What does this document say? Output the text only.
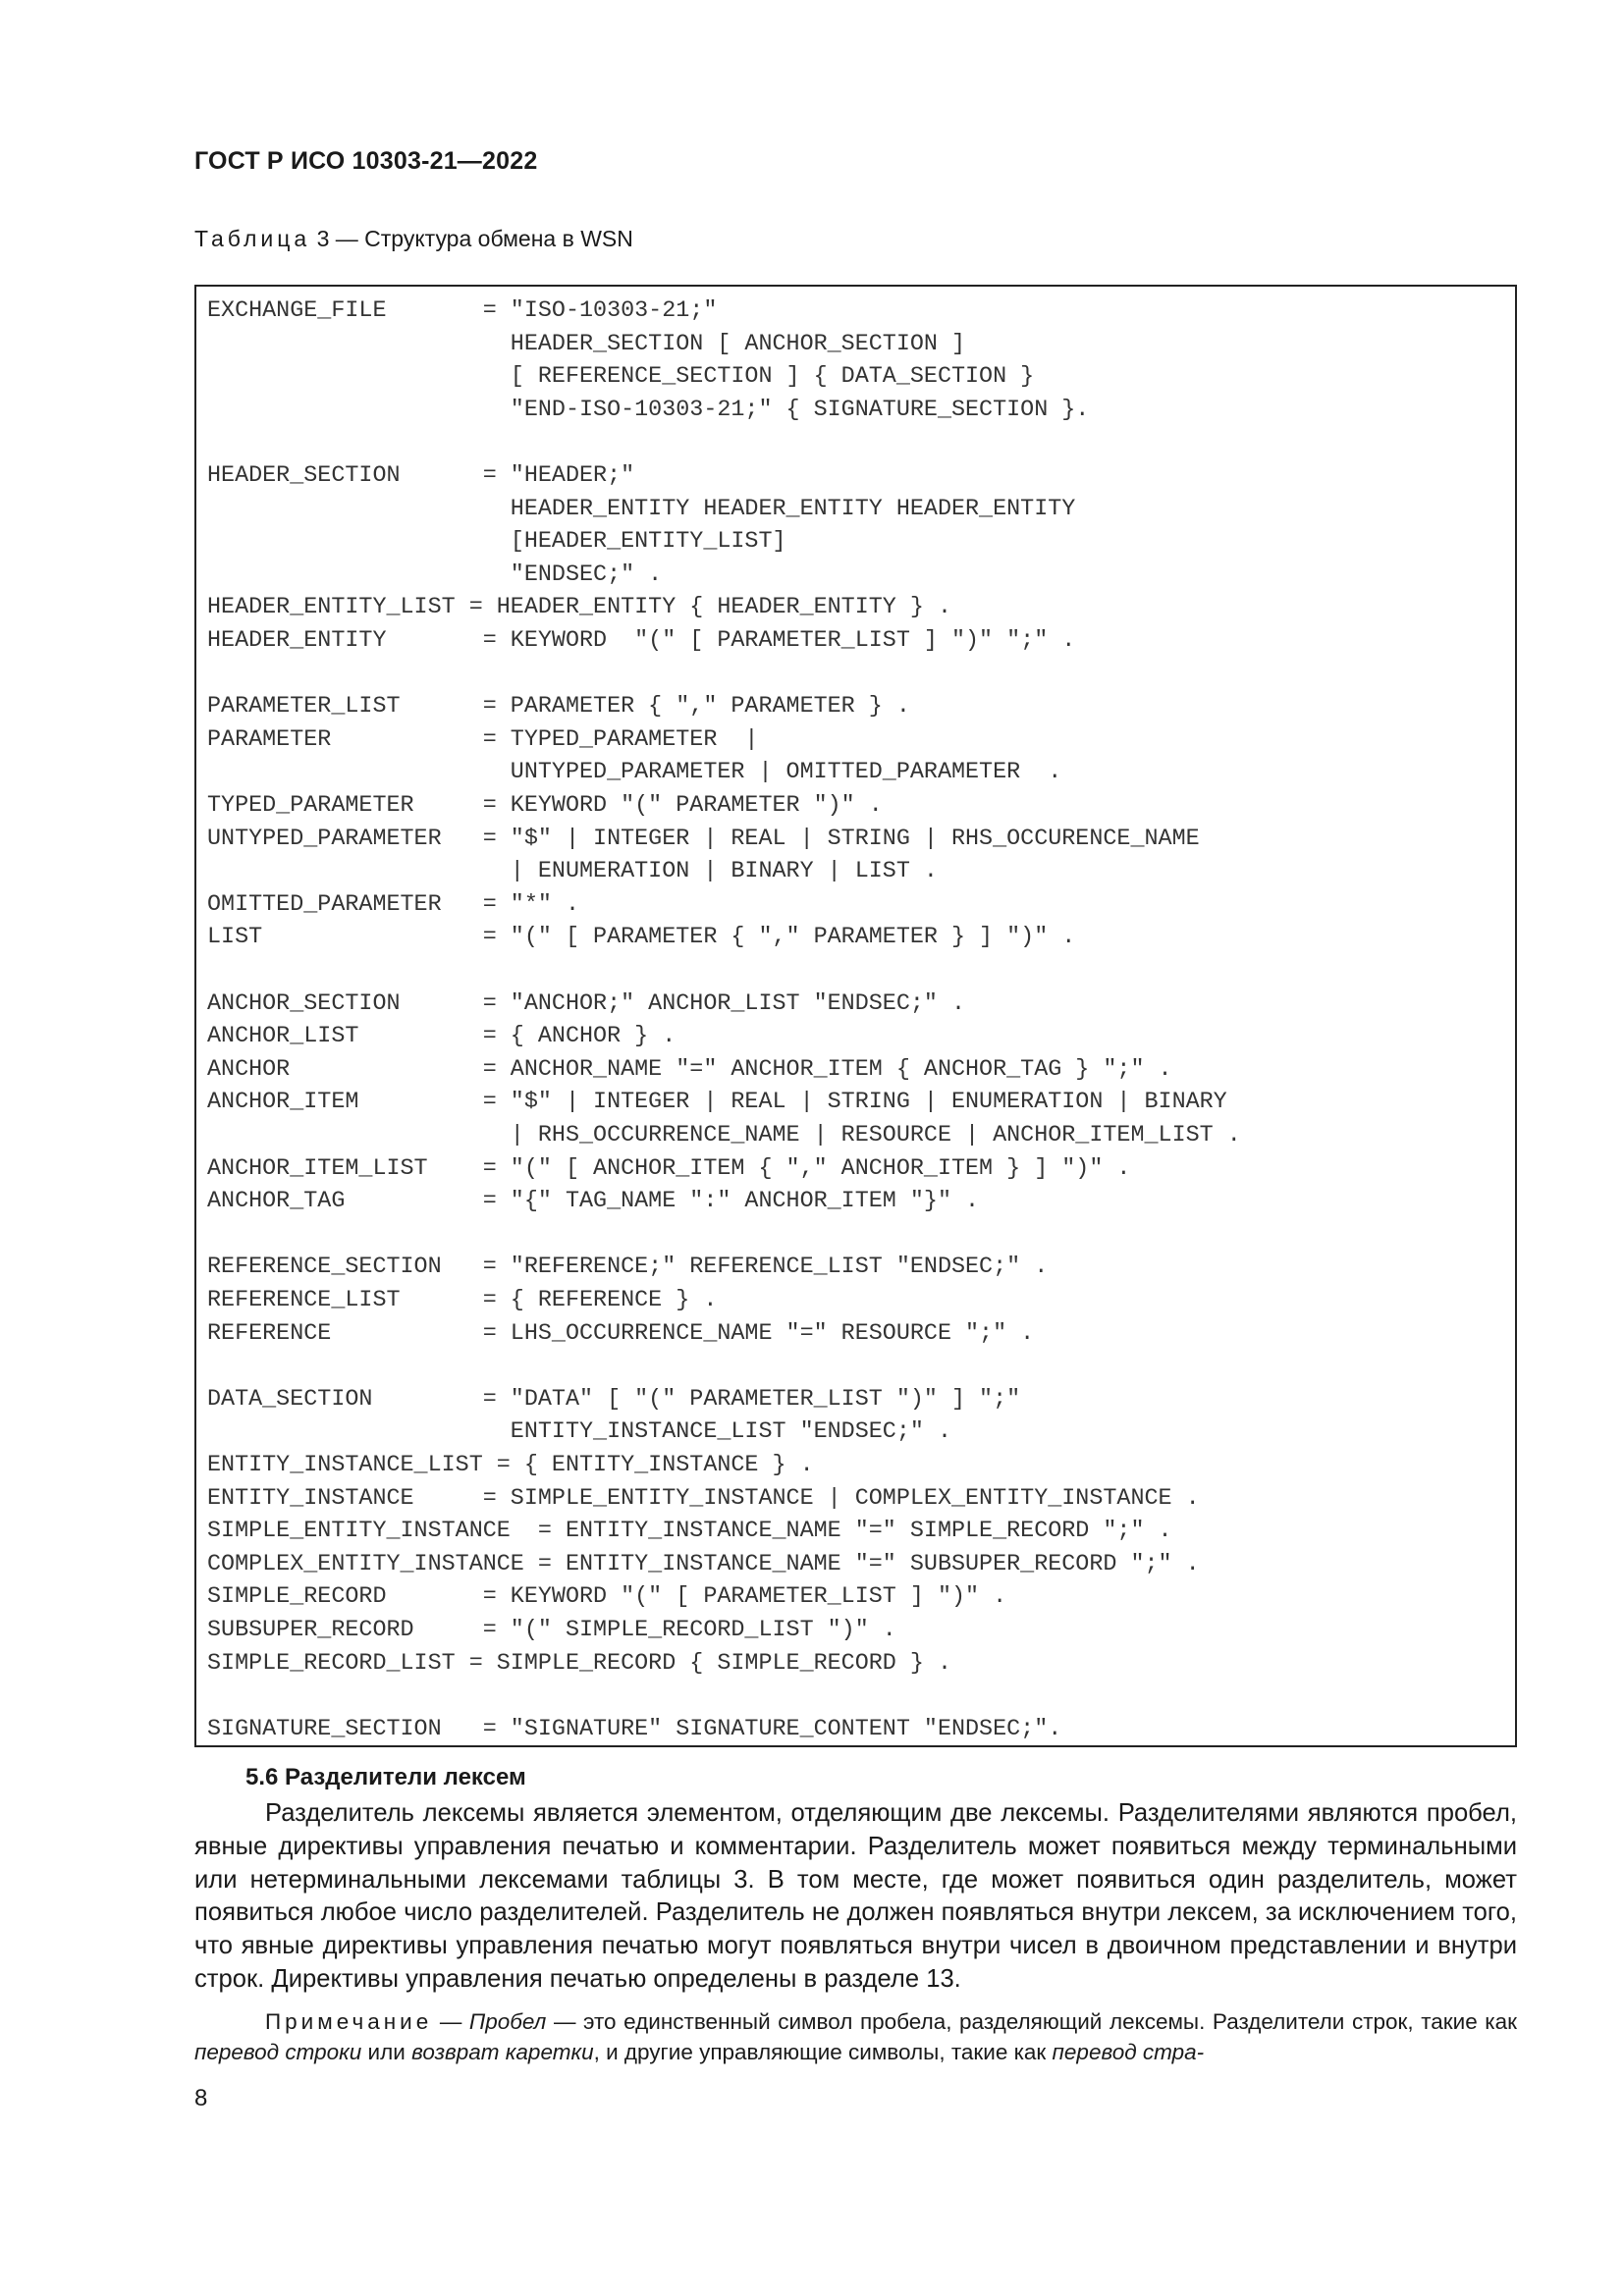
ГОСТ Р ИСО 10303-21—2022
Таблица 3 — Структура обмена в WSN
EXCHANGE_FILE       = "ISO-10303-21;"
HEADER_SECTION [ ANCHOR_SECTION ]
[ REFERENCE_SECTION ] { DATA_SECTION }
"END-ISO-10303-21;" { SIGNATURE_SECTION }.
HEADER_SECTION      = "HEADER;"
HEADER_ENTITY HEADER_ENTITY HEADER_ENTITY
[HEADER_ENTITY_LIST]
"ENDSEC;" .
HEADER_ENTITY_LIST = HEADER_ENTITY { HEADER_ENTITY } .
HEADER_ENTITY       = KEYWORD  "(" [ PARAMETER_LIST ] ")" ";" .
PARAMETER_LIST      = PARAMETER { "," PARAMETER } .
PARAMETER           = TYPED_PARAMETER  |
UNTYPED_PARAMETER | OMITTED_PARAMETER  .
TYPED_PARAMETER     = KEYWORD "(" PARAMETER ")" .
UNTYPED_PARAMETER   = "$" | INTEGER | REAL | STRING | RHS_OCCURENCE_NAME
| ENUMERATION | BINARY | LIST .
OMITTED_PARAMETER   = "*" .
LIST                = "(" [ PARAMETER { "," PARAMETER } ] ")" .
ANCHOR_SECTION      = "ANCHOR;" ANCHOR_LIST "ENDSEC;" .
ANCHOR_LIST         = { ANCHOR } .
ANCHOR              = ANCHOR_NAME "=" ANCHOR_ITEM { ANCHOR_TAG } ";" .
ANCHOR_ITEM         = "$" | INTEGER | REAL | STRING | ENUMERATION | BINARY
| RHS_OCCURRENCE_NAME | RESOURCE | ANCHOR_ITEM_LIST .
ANCHOR_ITEM_LIST    = "(" [ ANCHOR_ITEM { "," ANCHOR_ITEM } ] ")" .
ANCHOR_TAG          = "{" TAG_NAME ":" ANCHOR_ITEM "}" .
REFERENCE_SECTION   = "REFERENCE;" REFERENCE_LIST "ENDSEC;" .
REFERENCE_LIST      = { REFERENCE } .
REFERENCE           = LHS_OCCURRENCE_NAME "=" RESOURCE ";" .
DATA_SECTION        = "DATA" [ "(" PARAMETER_LIST ")" ] ";"
ENTITY_INSTANCE_LIST "ENDSEC;" .
ENTITY_INSTANCE_LIST = { ENTITY_INSTANCE } .
ENTITY_INSTANCE     = SIMPLE_ENTITY_INSTANCE | COMPLEX_ENTITY_INSTANCE .
SIMPLE_ENTITY_INSTANCE  = ENTITY_INSTANCE_NAME "=" SIMPLE_RECORD ";" .
COMPLEX_ENTITY_INSTANCE = ENTITY_INSTANCE_NAME "=" SUBSUPER_RECORD ";" .
SIMPLE_RECORD       = KEYWORD "(" [ PARAMETER_LIST ] ")" .
SUBSUPER_RECORD     = "(" SIMPLE_RECORD_LIST ")" .
SIMPLE_RECORD_LIST = SIMPLE_RECORD { SIMPLE_RECORD } .
SIGNATURE_SECTION   = "SIGNATURE" SIGNATURE_CONTENT "ENDSEC;".
5.6 Разделители лексем

Разделитель лексемы является элементом, отделяющим две лексемы. Разделителями являются пробел, явные директивы управления печатью и комментарии. Разделитель может появиться между терминальными или нетерминальными лексемами таблицы 3. В том месте, где может появиться один разделитель, может появиться любое число разделителей. Разделитель не должен появляться внутри лексем, за исключением того, что явные директивы управления печатью могут появляться внутри чисел в двоичном представлении и внутри строк. Директивы управления печатью определены в разделе 13.

Примечание — Пробел — это единственный символ пробела, разделяющий лексемы. Разделители строк, такие как перевод строки или возврат каретки, и другие управляющие символы, такие как перевод стра-

8
